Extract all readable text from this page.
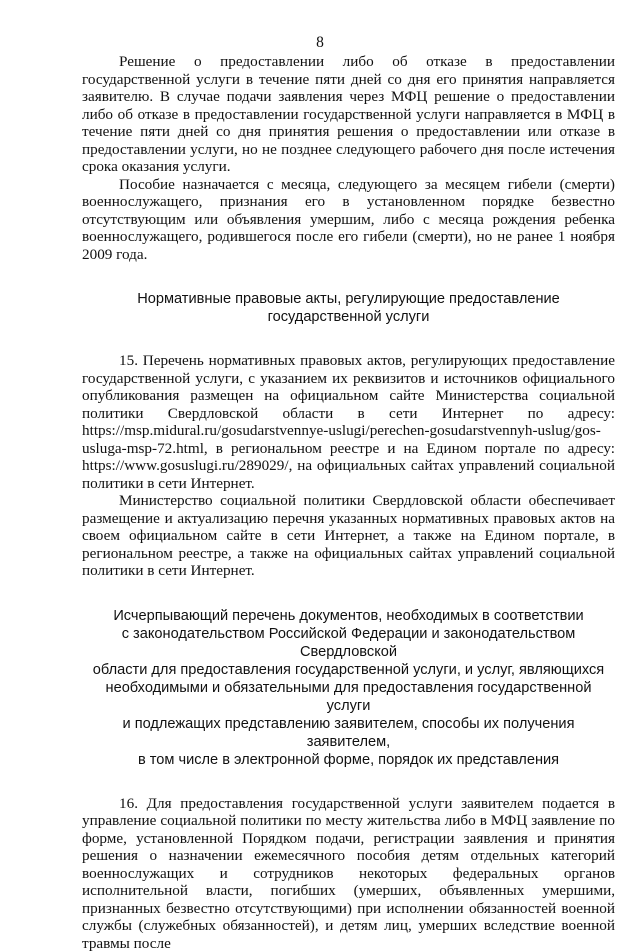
8

Решение о предоставлении либо об отказе в предоставлении государственной услуги в течение пяти дней со дня его принятия направляется заявителю. В случае подачи заявления через МФЦ решение о предоставлении либо об отказе в предоставлении государственной услуги направляется в МФЦ в течение пяти дней со дня принятия решения о предоставлении или отказе в предоставлении услуги, но не позднее следующего рабочего дня после истечения срока оказания услуги.

Пособие назначается с месяца, следующего за месяцем гибели (смерти) военнослужащего, признания его в установленном порядке безвестно отсутствующим или объявления умершим, либо с месяца рождения ребенка военнослужащего, родившегося после его гибели (смерти), но не ранее 1 ноября 2009 года.

Нормативные правовые акты, регулирующие предоставление
государственной услуги

15. Перечень нормативных правовых актов, регулирующих предоставление государственной услуги, с указанием их реквизитов и источников официального опубликования размещен на официальном сайте Министерства социальной политики Свердловской области в сети Интернет по адресу: https://msp.midural.ru/gosudarstvennye-uslugi/perechen-gosudarstvennyh-uslug/gos-usluga-msp-72.html, в региональном реестре и на Едином портале по адресу: https://www.gosuslugi.ru/289029/, на официальных сайтах управлений социальной политики в сети Интернет.

Министерство социальной политики Свердловской области обеспечивает размещение и актуализацию перечня указанных нормативных правовых актов на своем официальном сайте в сети Интернет, а также на Едином портале, в региональном реестре, а также на официальных сайтах управлений социальной политики в сети Интернет.

Исчерпывающий перечень документов, необходимых в соответствии
с законодательством Российской Федерации и законодательством Свердловской
области для предоставления государственной услуги, и услуг, являющихся
необходимыми и обязательными для предоставления государственной услуги
и подлежащих представлению заявителем, способы их получения заявителем,
в том числе в электронной форме, порядок их представления

16. Для предоставления государственной услуги заявителем подается в управление социальной политики по месту жительства либо в МФЦ заявление по форме, установленной Порядком подачи, регистрации заявления и принятия решения о назначении ежемесячного пособия детям отдельных категорий военнослужащих и сотрудников некоторых федеральных органов исполнительной власти, погибших (умерших, объявленных умершими, признанных безвестно отсутствующими) при исполнении обязанностей военной службы (служебных обязанностей), и детям лиц, умерших вследствие военной травмы после
